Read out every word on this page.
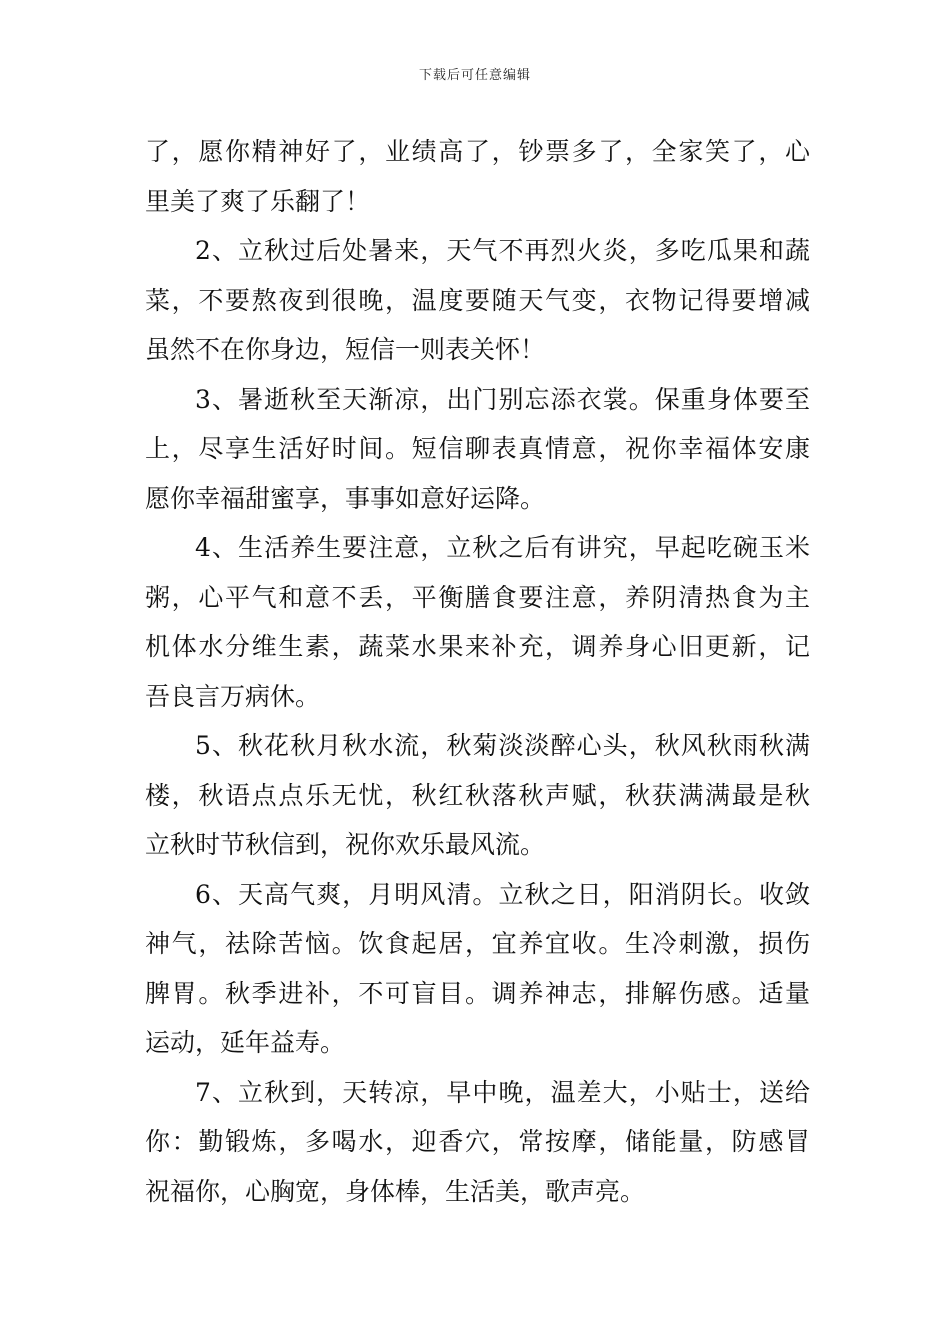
下载后可任意编辑
了，愿你精神好了，业绩高了，钞票多了，全家笑了，心
里美了爽了乐翻了！
2、立秋过后处暑来，天气不再烈火炎，多吃瓜果和蔬
菜，不要熬夜到很晚，温度要随天气变，衣物记得要增减
虽然不在你身边，短信一则表关怀！
3、暑逝秋至天渐凉，出门别忘添衣裳。保重身体要至
上，尽享生活好时间。短信聊表真情意，祝你幸福体安康
愿你幸福甜蜜享，事事如意好运降。
4、生活养生要注意，立秋之后有讲究，早起吃碗玉米
粥，心平气和意不丢，平衡膳食要注意，养阴清热食为主
机体水分维生素，蔬菜水果来补充，调养身心旧更新，记
吾良言万病休。
5、秋花秋月秋水流，秋菊淡淡醉心头，秋风秋雨秋满
楼，秋语点点乐无忧，秋红秋落秋声赋，秋获满满最是秋
立秋时节秋信到，祝你欢乐最风流。
6、天高气爽，月明风清。立秋之日，阳消阴长。收敛
神气，祛除苦恼。饮食起居，宜养宜收。生冷刺激，损伤
脾胃。秋季进补，不可盲目。调养神志，排解伤感。适量
运动，延年益寿。
7、立秋到，天转凉，早中晚，温差大，小贴士，送给
你：勤锻炼，多喝水，迎香穴，常按摩，储能量，防感冒
祝福你，心胸宽，身体棒，生活美，歌声亮。
